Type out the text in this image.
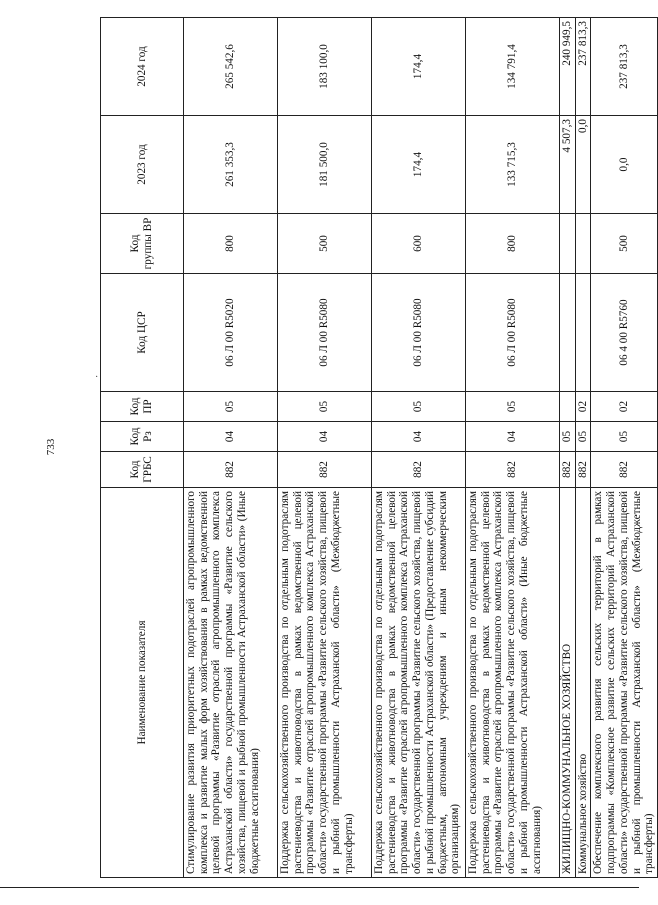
733
·
Наименование показателя	Код ГРБС	Код Рз	Код ПР	Код ЦСР	Код группы ВР	2023 год	2024 год
Стимулирование развития приоритетных подотраслей агропромышленного комплекса и развитие малых форм хозяйствования в рамках ведомственной целевой программы «Развитие отраслей агропромышленного комплекса Астраханской области» государственной программы «Развитие сельского хозяйства, пищевой и рыбной промышленности Астраханской области» (Иные бюджетные ассигнования)	882	04	05	06 Л 00 R5020	800	261 353,3	265 542,6
Поддержка сельскохозяйственного производства по отдельным подотраслям растениеводства и животноводства в рамках ведомственной целевой программы «Развитие отраслей агропромышленного комплекса Астраханской области» государственной программы «Развитие сельского хозяйства, пищевой и рыбной промышленности Астраханской области» (Межбюджетные трансферты)	882	04	05	06 Л 00 R5080	500	181 500,0	183 100,0
Поддержка сельскохозяйственного производства по отдельным подотраслям растениеводства и животноводства в рамках ведомственной целевой программы «Развитие отраслей агропромышленного комплекса Астраханской области» государственной программы «Развитие сельского хозяйства, пищевой и рыбной промышленности Астраханской области» (Предоставление субсидий бюджетным, автономным учреждениям и иным некоммерческим организациям)	882	04	05	06 Л 00 R5080	600	174,4	174,4
Поддержка сельскохозяйственного производства по отдельным подотраслям растениеводства и животноводства в рамках ведомственной целевой программы «Развитие отраслей агропромышленного комплекса Астраханской области» государственной программы «Развитие сельского хозяйства, пищевой и рыбной промышленности Астраханской области» (Иные бюджетные ассигнования)	882	04	05	06 Л 00 R5080	800	133 715,3	134 791,4
ЖИЛИЩНО-КОММУНАЛЬНОЕ ХОЗЯЙСТВО	882	05				4 507,3	240 949,5
Коммунальное хозяйство	882	05	02			0,0	237 813,3
Обеспечение комплексного развития сельских территорий в рамках подпрограммы «Комплексное развитие сельских территорий Астраханской области» государственной программы «Развитие сельского хозяйства, пищевой и рыбной промышленности Астраханской области» (Межбюджетные трансферты)	882	05	02	06 4 00 R5760	500	0,0	237 813,3
